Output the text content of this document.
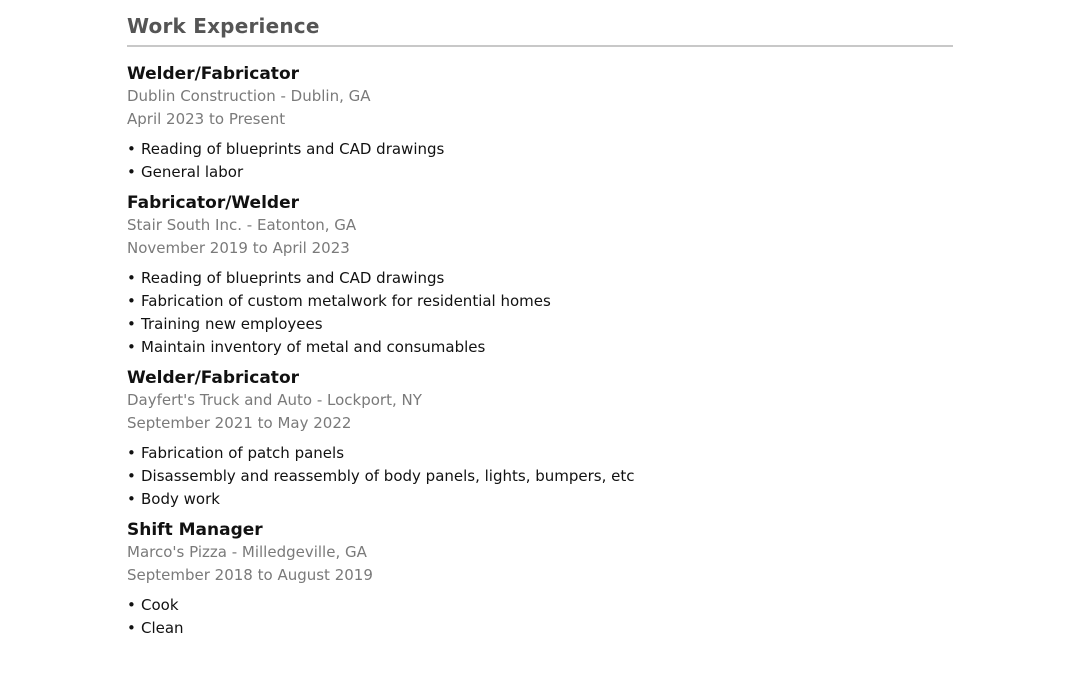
Work Experience
Welder/Fabricator
Dublin Construction - Dublin, GA
April 2023 to Present
• Reading of blueprints and CAD drawings
• General labor
Fabricator/Welder
Stair South Inc. - Eatonton, GA
November 2019 to April 2023
• Reading of blueprints and CAD drawings
• Fabrication of custom metalwork for residential homes
• Training new employees
• Maintain inventory of metal and consumables
Welder/Fabricator
Dayfert's Truck and Auto - Lockport, NY
September 2021 to May 2022
• Fabrication of patch panels
• Disassembly and reassembly of body panels, lights, bumpers, etc
• Body work
Shift Manager
Marco's Pizza - Milledgeville, GA
September 2018 to August 2019
• Cook
• Clean
